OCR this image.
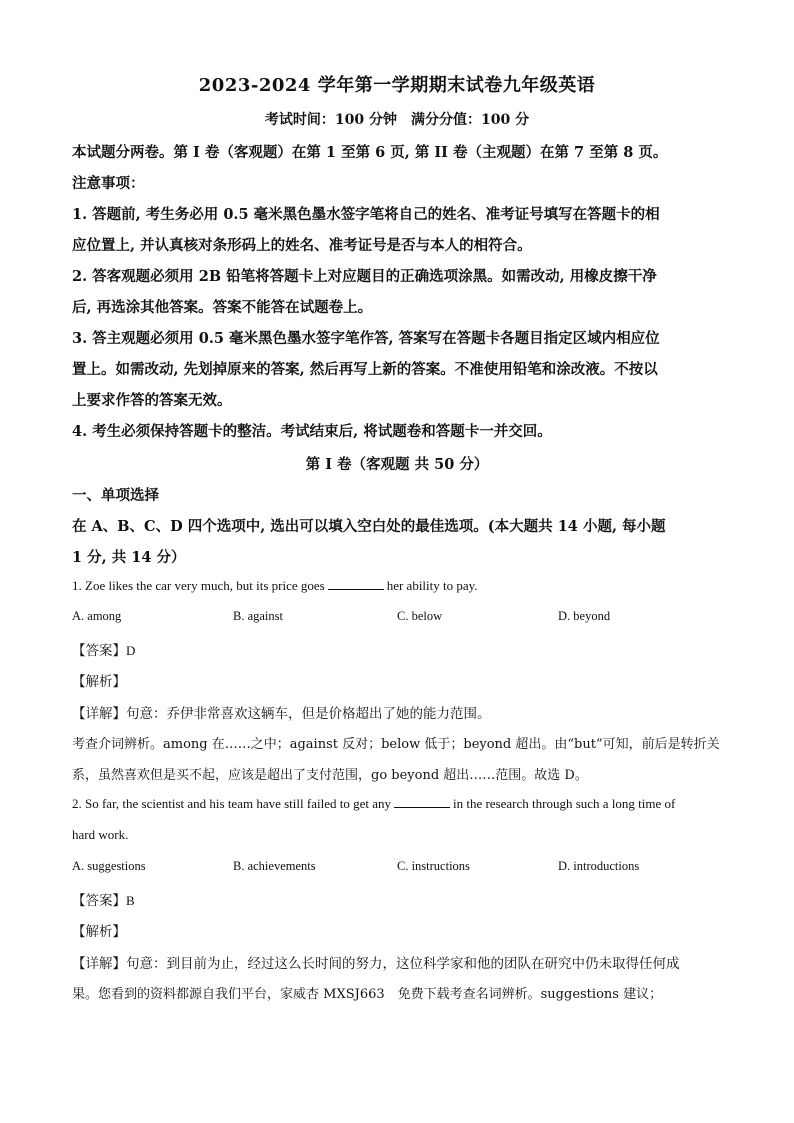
2023-2024 学年第一学期期末试卷九年级英语
考试时间：100 分钟　满分分值：100 分
本试题分两卷。第 I 卷（客观题）在第 1 至第 6 页, 第 II 卷（主观题）在第 7 至第 8 页。
注意事项：
1. 答题前, 考生务必用 0.5 毫米黑色墨水签字笔将自己的姓名、准考证号填写在答题卡的相
应位置上, 并认真核对条形码上的姓名、准考证号是否与本人的相符合。
2. 答客观题必须用 2B 铅笔将答题卡上对应题目的正确选项涂黑。如需改动, 用橡皮擦干净
后, 再选涂其他答案。答案不能答在试题卷上。
3. 答主观题必须用 0.5 毫米黑色墨水签字笔作答, 答案写在答题卡各题目指定区域内相应位
置上。如需改动, 先划掉原来的答案, 然后再写上新的答案。不准使用铅笔和涂改液。不按以
上要求作答的答案无效。
4. 考生必须保持答题卡的整洁。考试结束后, 将试题卷和答题卡一并交回。
第 I 卷（客观题 共 50 分）
一、单项选择
在 A、B、C、D 四个选项中, 选出可以填入空白处的最佳选项。(本大题共 14 小题, 每小题
1 分, 共 14 分）
1. Zoe likes the car very much, but its price goes	her ability to pay.
A. among	B. against	C. below	D. beyond
【答案】D
【解析】
【详解】句意：乔伊非常喜欢这辆车，但是价格超出了她的能力范围。
考查介词辨析。among 在……之中；against 反对；below 低于；beyond 超出。由“but”可知，前后是转折关
系，虽然喜欢但是买不起，应该是超出了支付范围，go beyond 超出……范围。故选 D。
2. So far, the scientist and his team have still failed to get any	in the research through such a long time of
hard work.
A. suggestions	B. achievements	C. instructions	D. introductions
【答案】B
【解析】
【详解】句意：到目前为止，经过这么长时间的努力，这位科学家和他的团队在研究中仍未取得任何成
果。您看到的资料都源自我们平台，家威杏 MXSJ663　免费下载考查名词辨析。suggestions 建议；
